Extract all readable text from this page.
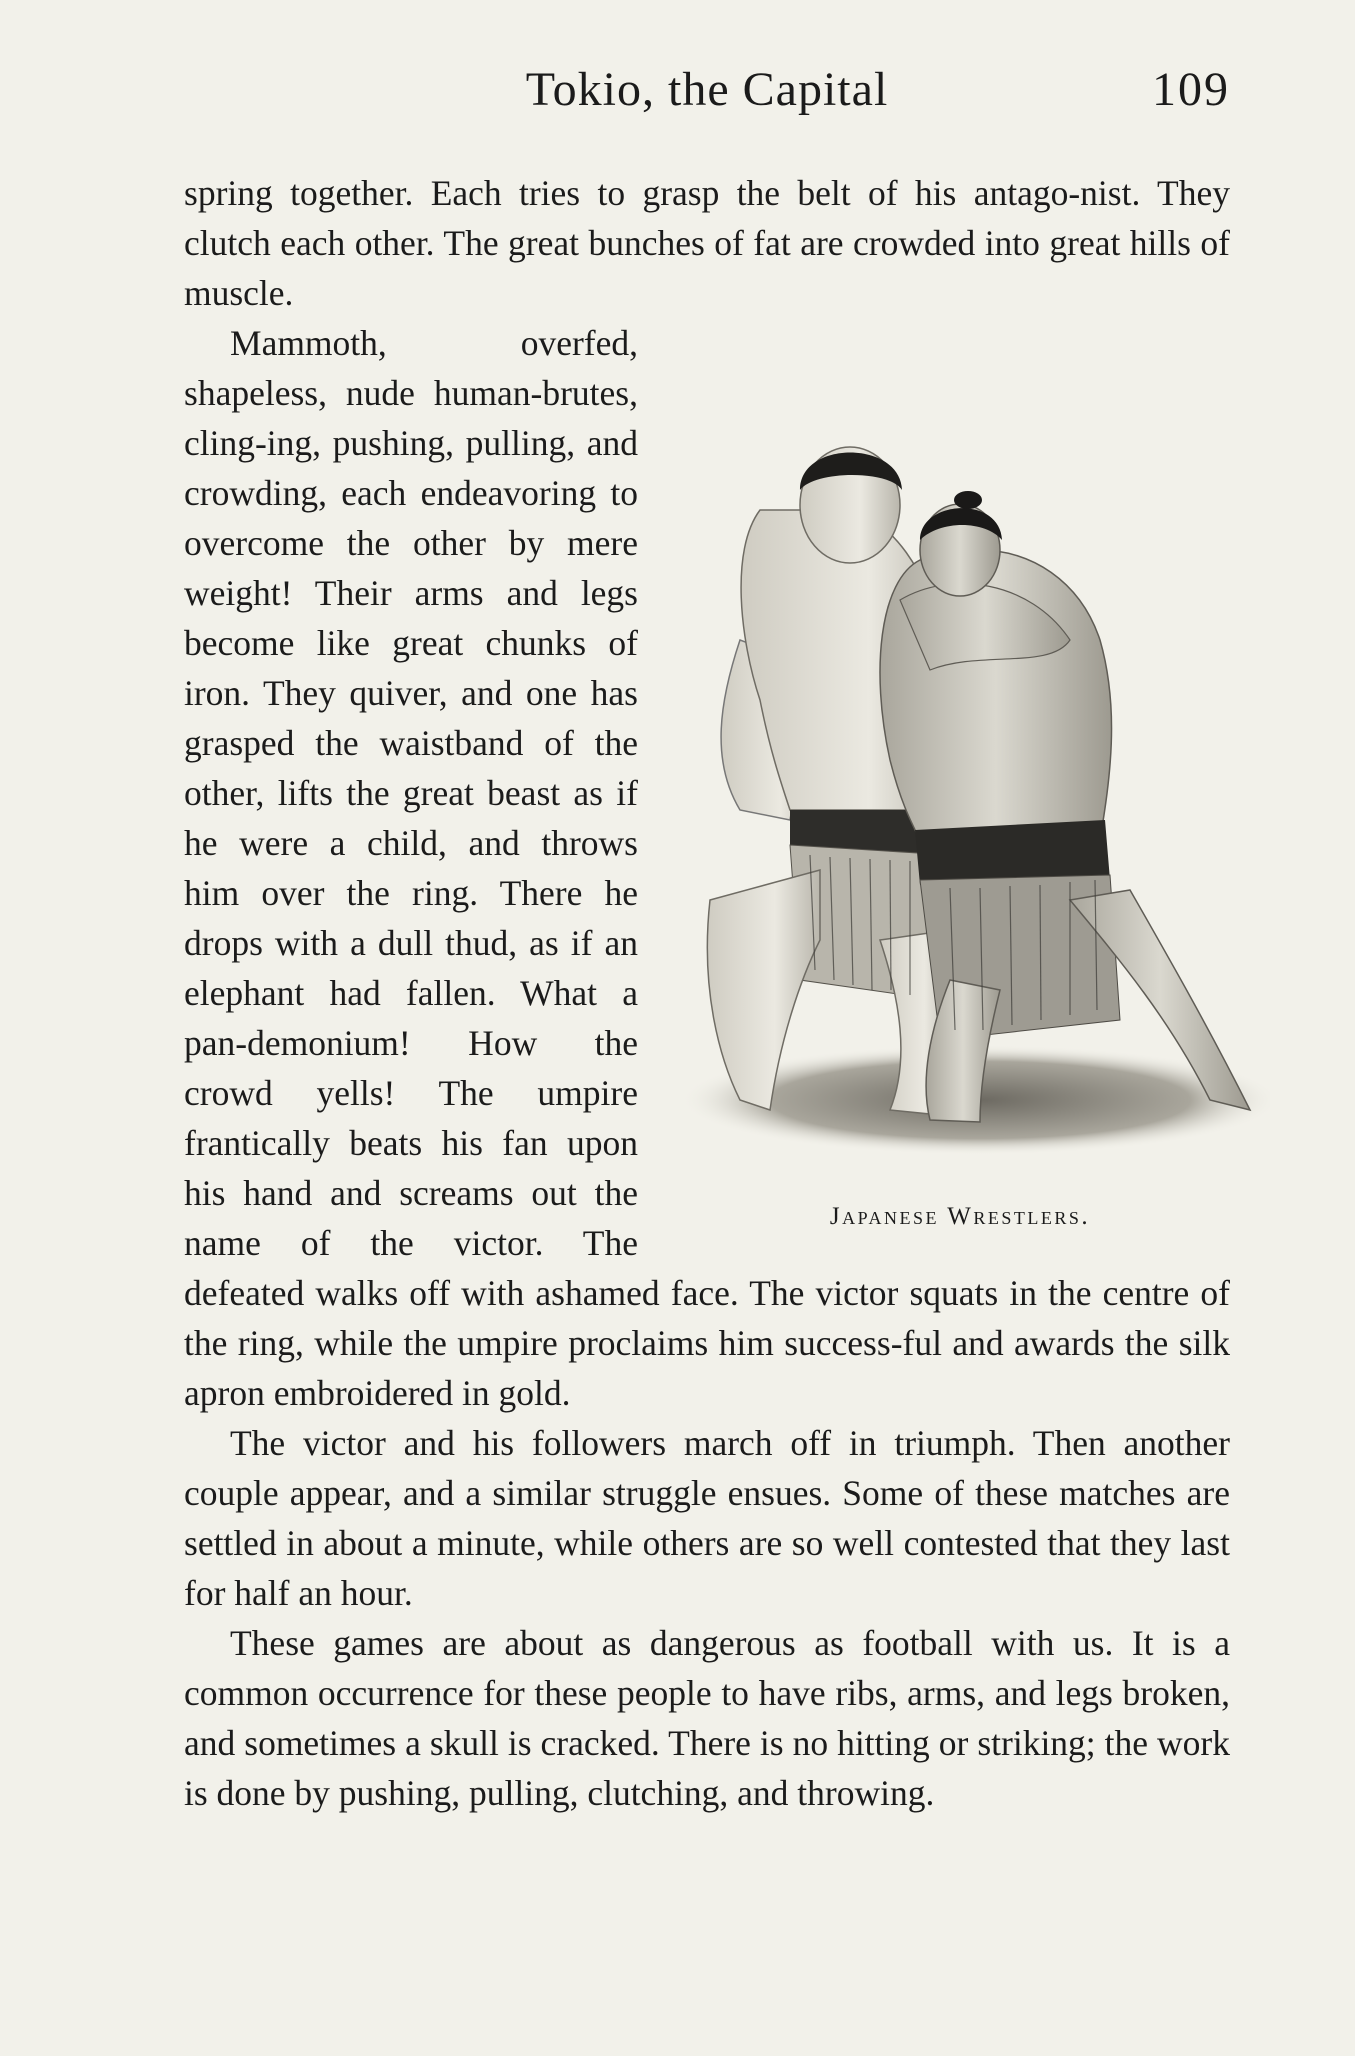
Tokio, the Capital	109

spring together. Each tries to grasp the belt of his antago-nist. They clutch each other. The great bunches of fat are crowded into great hills of muscle.

Japanese Wrestlers.

Mammoth, overfed, shapeless, nude human-brutes, cling-ing, pushing, pulling, and crowding, each endeavoring to overcome the other by mere weight! Their arms and legs become like great chunks of iron. They quiver, and one has grasped the waistband of the other, lifts the great beast as if he were a child, and throws him over the ring. There he drops with a dull thud, as if an elephant had fallen. What a pan-demonium! How the crowd yells! The umpire frantically beats his fan upon his hand and screams out the name of the victor. The defeated walks off with ashamed face. The victor squats in the centre of the ring, while the umpire proclaims him success-ful and awards the silk apron embroidered in gold.

The victor and his followers march off in triumph. Then another couple appear, and a similar struggle ensues. Some of these matches are settled in about a minute, while others are so well contested that they last for half an hour.

These games are about as dangerous as football with us. It is a common occurrence for these people to have ribs, arms, and legs broken, and sometimes a skull is cracked. There is no hitting or striking; the work is done by pushing, pulling, clutching, and throwing.
